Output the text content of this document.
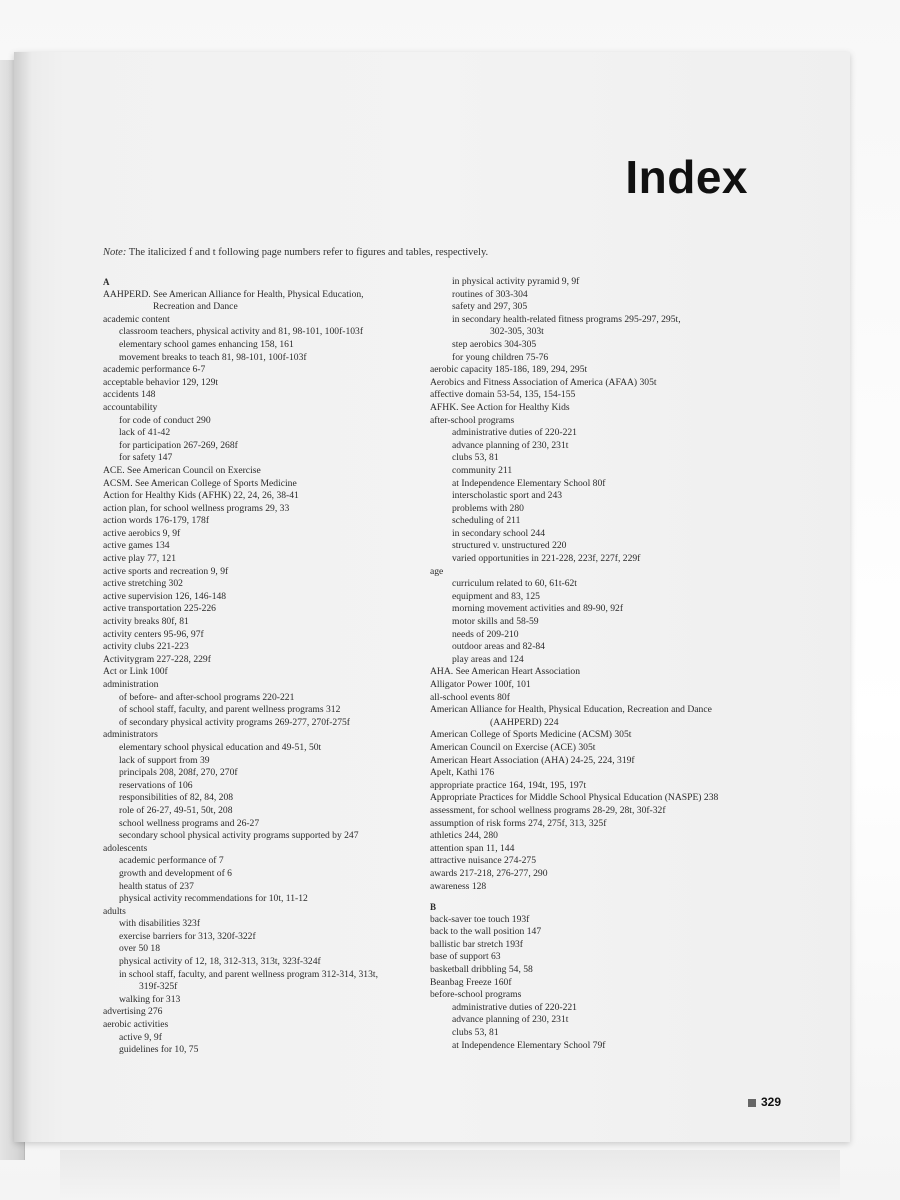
Index
Note: The italicized f and t following page numbers refer to figures and tables, respectively.
A
AAHPERD. See American Alliance for Health, Physical Education,
Recreation and Dance
academic content
classroom teachers, physical activity and 81, 98-101, 100f-103f
elementary school games enhancing 158, 161
movement breaks to teach 81, 98-101, 100f-103f
academic performance 6-7
acceptable behavior 129, 129t
accidents 148
accountability
for code of conduct 290
lack of 41-42
for participation 267-269, 268f
for safety 147
ACE. See American Council on Exercise
ACSM. See American College of Sports Medicine
Action for Healthy Kids (AFHK) 22, 24, 26, 38-41
action plan, for school wellness programs 29, 33
action words 176-179, 178f
active aerobics 9, 9f
active games 134
active play 77, 121
active sports and recreation 9, 9f
active stretching 302
active supervision 126, 146-148
active transportation 225-226
activity breaks 80f, 81
activity centers 95-96, 97f
activity clubs 221-223
Activitygram 227-228, 229f
Act or Link 100f
administration
of before- and after-school programs 220-221
of school staff, faculty, and parent wellness programs 312
of secondary physical activity programs 269-277, 270f-275f
administrators
elementary school physical education and 49-51, 50t
lack of support from 39
principals 208, 208f, 270, 270f
reservations of 106
responsibilities of 82, 84, 208
role of 26-27, 49-51, 50t, 208
school wellness programs and 26-27
secondary school physical activity programs supported by 247
adolescents
academic performance of 7
growth and development of 6
health status of 237
physical activity recommendations for 10t, 11-12
adults
with disabilities 323f
exercise barriers for 313, 320f-322f
over 50 18
physical activity of 12, 18, 312-313, 313t, 323f-324f
in school staff, faculty, and parent wellness program 312-314, 313t,
319f-325f
walking for 313
advertising 276
aerobic activities
active 9, 9f
guidelines for 10, 75
in physical activity pyramid 9, 9f
routines of 303-304
safety and 297, 305
in secondary health-related fitness programs 295-297, 295t,
302-305, 303t
step aerobics 304-305
for young children 75-76
aerobic capacity 185-186, 189, 294, 295t
Aerobics and Fitness Association of America (AFAA) 305t
affective domain 53-54, 135, 154-155
AFHK. See Action for Healthy Kids
after-school programs
administrative duties of 220-221
advance planning of 230, 231t
clubs 53, 81
community 211
at Independence Elementary School 80f
interscholastic sport and 243
problems with 280
scheduling of 211
in secondary school 244
structured v. unstructured 220
varied opportunities in 221-228, 223f, 227f, 229f
age
curriculum related to 60, 61t-62t
equipment and 83, 125
morning movement activities and 89-90, 92f
motor skills and 58-59
needs of 209-210
outdoor areas and 82-84
play areas and 124
AHA. See American Heart Association
Alligator Power 100f, 101
all-school events 80f
American Alliance for Health, Physical Education, Recreation and Dance
(AAHPERD) 224
American College of Sports Medicine (ACSM) 305t
American Council on Exercise (ACE) 305t
American Heart Association (AHA) 24-25, 224, 319f
Apelt, Kathi 176
appropriate practice 164, 194t, 195, 197t
Appropriate Practices for Middle School Physical Education (NASPE) 238
assessment, for school wellness programs 28-29, 28t, 30f-32f
assumption of risk forms 274, 275f, 313, 325f
athletics 244, 280
attention span 11, 144
attractive nuisance 274-275
awards 217-218, 276-277, 290
awareness 128
B
back-saver toe touch 193f
back to the wall position 147
ballistic bar stretch 193f
base of support 63
basketball dribbling 54, 58
Beanbag Freeze 160f
before-school programs
administrative duties of 220-221
advance planning of 230, 231t
clubs 53, 81
at Independence Elementary School 79f
329
